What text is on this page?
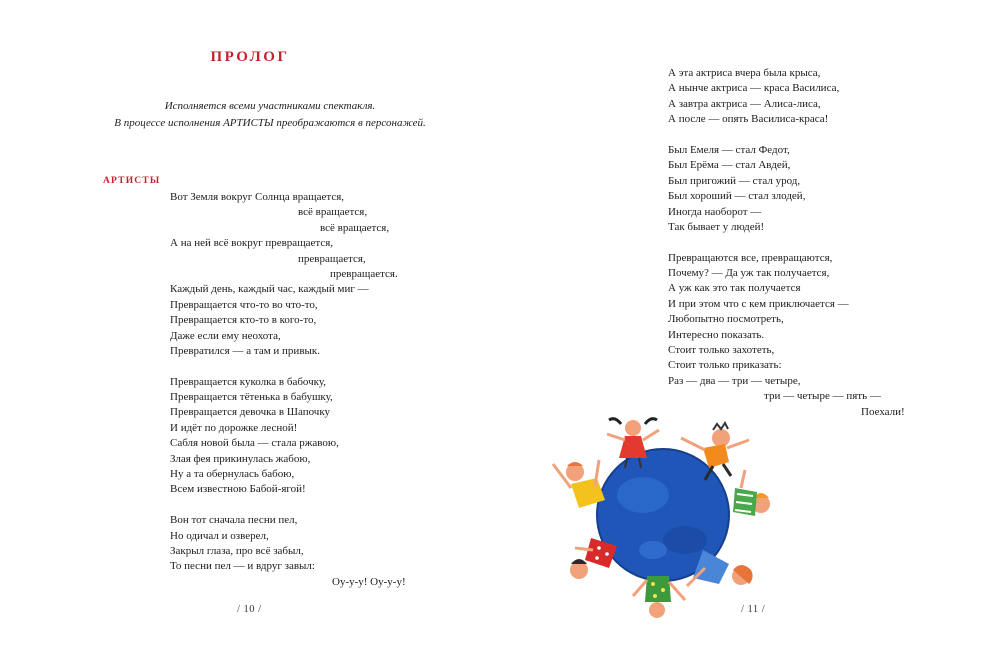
ПРОЛОГ

Исполняется всеми участниками спектакля.

В процессе исполнения АРТИСТЫ преображаются в персонажей.

АРТИСТЫ
Вот Земля вокруг Солнца вращается,
всё вращается,
всё вращается,
А на ней всё вокруг превращается,
превращается,
превращается.
Каждый день, каждый час, каждый миг —
Превращается что-то во что-то,
Превращается кто-то в кого-то,
Даже если ему неохота,
Превратился — а там и привык.
Превращается куколка в бабочку,
Превращается тётенька в бабушку,
Превращается девочка в Шапочку
И идёт по дорожке лесной!
Сабля новой была — стала ржавою,
Злая фея прикинулась жабою,
Ну а та обернулась бабою,
Всем известною Бабой-ягой!
Вон тот сначала песни пел,
Но одичал и озверел,
Закрыл глаза, про всё забыл,
То песни пел — и вдруг завыл:
Оу-у-у! Оу-у-у!
/ 10 /
А эта актриса вчера была крыса,
А нынче актриса — краса Василиса,
А завтра актриса — Алиса-лиса,
А после — опять Василиса-краса!
Был Емеля — стал Федот,
Был Ерёма — стал Авдей,
Был пригожий — стал урод,
Был хороший — стал злодей,
Иногда наоборот —
Так бывает у людей!
Превращаются все, превращаются,
Почему? — Да уж так получается,
А уж как это так получается
И при этом что с кем приключается —
Любопытно посмотреть,
Интересно показать.
Стоит только захотеть,
Стоит только приказать:
Раз — два — три — четыре,
три — четыре — пять —
Поехали!
/ 11 /
